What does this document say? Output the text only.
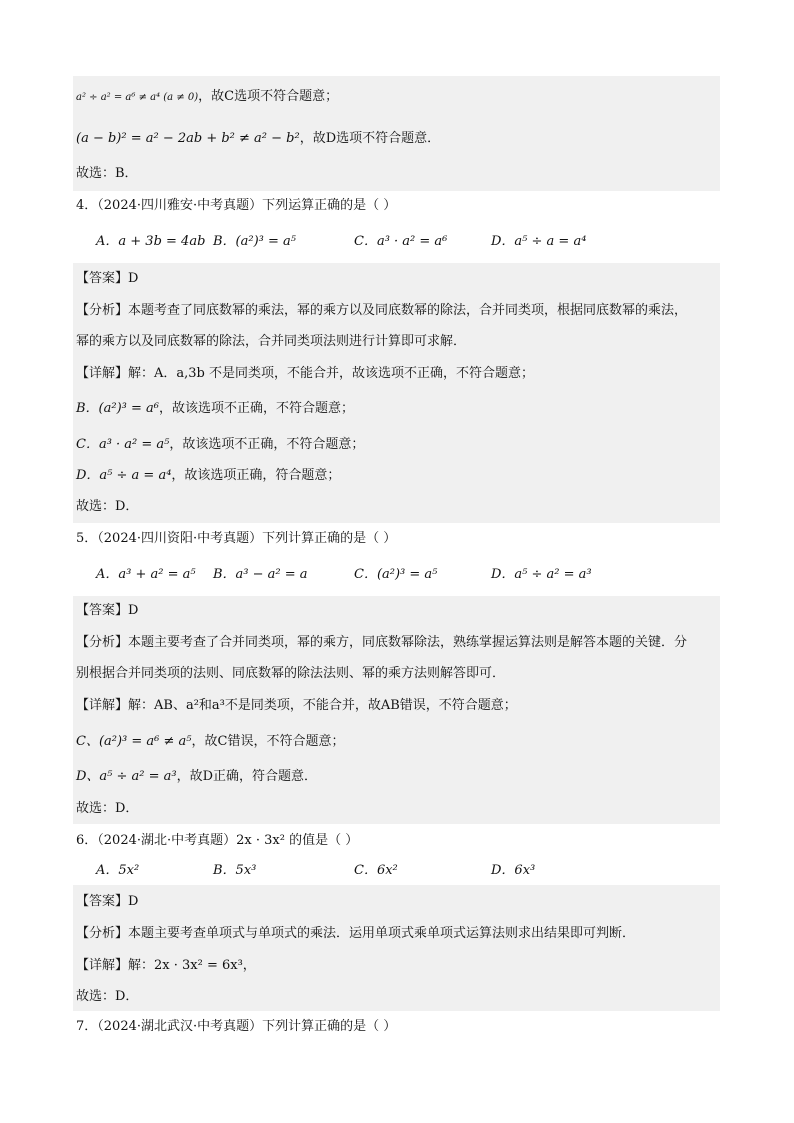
a² ÷ a² = a⁶ ≠ a⁴ (a ≠ 0)，故C选项不符合题意；
(a − b)² = a² − 2ab + b² ≠ a² − b²，故D选项不符合题意．
故选：B．
4．（2024·四川雅安·中考真题）下列运算正确的是（ ）
A．a + 3b = 4ab B．(a²)³ = a⁵	C．a³ · a² = a⁶	D．a⁵ ÷ a = a⁴
【答案】D
【分析】本题考查了同底数幂的乘法，幂的乘方以及同底数幂的除法，合并同类项，根据同底数幂的乘法，
幂的乘方以及同底数幂的除法，合并同类项法则进行计算即可求解．
【详解】解：A．a,3b 不是同类项，不能合并，故该选项不正确，不符合题意；
B．(a²)³ = a⁶，故该选项不正确，不符合题意；
C．a³ · a² = a⁵，故该选项不正确，不符合题意；
D．a⁵ ÷ a = a⁴，故该选项正确，符合题意；
故选：D．
5．（2024·四川资阳·中考真题）下列计算正确的是（ ）
A．a³ + a² = a⁵ B．a³ − a² = a	C．(a²)³ = a⁵	D．a⁵ ÷ a² = a³
【答案】D
【分析】本题主要考查了合并同类项，幂的乘方，同底数幂除法，熟练掌握运算法则是解答本题的关键．分
别根据合并同类项的法则、同底数幂的除法法则、幂的乘方法则解答即可．
【详解】解：AB、a²和a³不是同类项，不能合并，故AB错误，不符合题意；
C、(a²)³ = a⁶ ≠ a⁵，故C错误，不符合题意；
D、a⁵ ÷ a² = a³，故D正确，符合题意．
故选：D．
6．（2024·湖北·中考真题）2x · 3x² 的值是（ ）
A．5x²	B．5x³	C．6x²	D．6x³
【答案】D
【分析】本题主要考查单项式与单项式的乘法．运用单项式乘单项式运算法则求出结果即可判断．
【详解】解：2x · 3x² = 6x³，
故选：D．
7．（2024·湖北武汉·中考真题）下列计算正确的是（ ）
